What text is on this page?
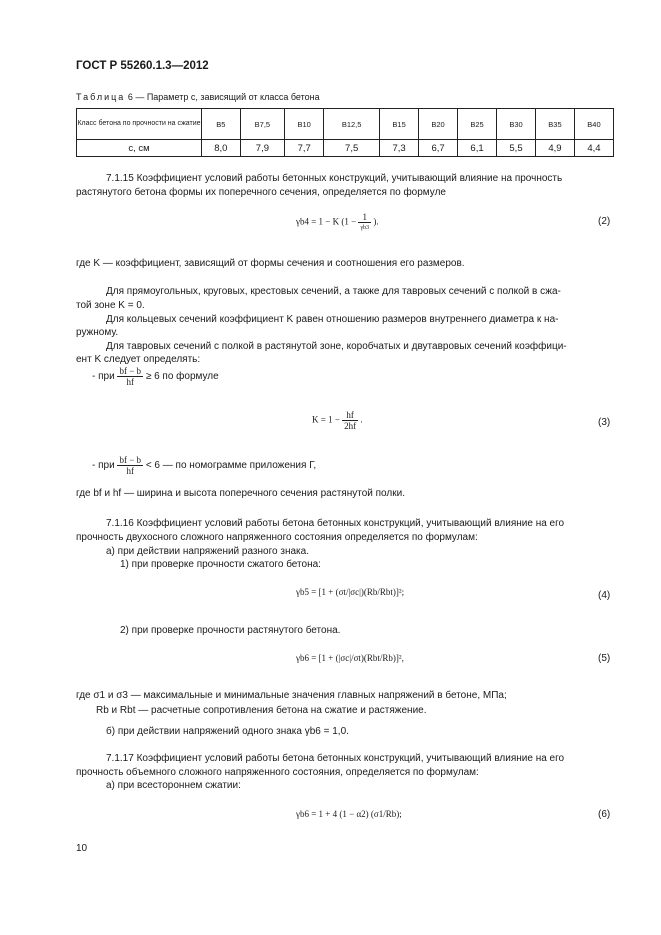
ГОСТ Р 55260.1.3—2012
Таблица 6 — Параметр c, зависящий от класса бетона
Класс бетона по прочности на сжатие	B5	B7,5	B10	B12,5	B15	B20	B25	B30	B35	B40
c, см	8,0	7,9	7,7	7,5	7,3	6,7	6,1	5,5	4,9	4,4
7.1.15 Коэффициент условий работы бетонных конструкций, учитывающий влияние на прочность
растянутого бетона формы их поперечного сечения, определяется по формуле
γb4 = 1 − K ($1 - \frac{1}{\gamma b3}$ ).	(2)
где K — коэффициент, зависящий от формы сечения и соотношения его размеров.
Для прямоугольных, круговых, крестовых сечений, а также для тавровых сечений с полкой в сжа-
той зоне K = 0.
Для кольцевых сечений коэффициент K равен отношению размеров внутреннего диаметра к на-
ружному.
Для тавровых сечений с полкой в растянутой зоне, коробчатых и двутавровых сечений коэффици-
ент K следует определять:
- при $\frac{bf - b}{hf} \ge 6$ по формуле
$K = 1 - \frac{hf}{2hf}$ .	(3)
- при $\frac{bf - b}{hf} < 6$ — по номограмме приложения Г,
где bf и hf — ширина и высота поперечного сечения растянутой полки.
7.1.16 Коэффициент условий работы бетона бетонных конструкций, учитывающий влияние на его
прочность двухосного сложного напряженного состояния определяется по формулам:
а) при действии напряжений разного знака.
1) при проверке прочности сжатого бетона:
γb5 = [1 + (σt/|σc|)(Rb/Rbt)]²;	(4)
2) при проверке прочности растянутого бетона.
γb6 = [1 + (|σc|/σt)(Rbt/Rb)]²,	(5)
где σ1 и σ3 — максимальные и минимальные значения главных напряжений в бетоне, МПа;
Rb и Rbt — расчетные сопротивления бетона на сжатие и растяжение.
б) при действии напряжений одного знака γb6 = 1,0.
7.1.17 Коэффициент условий работы бетона бетонных конструкций, учитывающий влияние на его
прочность объемного сложного напряженного состояния, определяется по формулам:
а) при всестороннем сжатии:
γb6 = 1 + 4 (1 − α2) (σ1/Rb);	(6)
10
